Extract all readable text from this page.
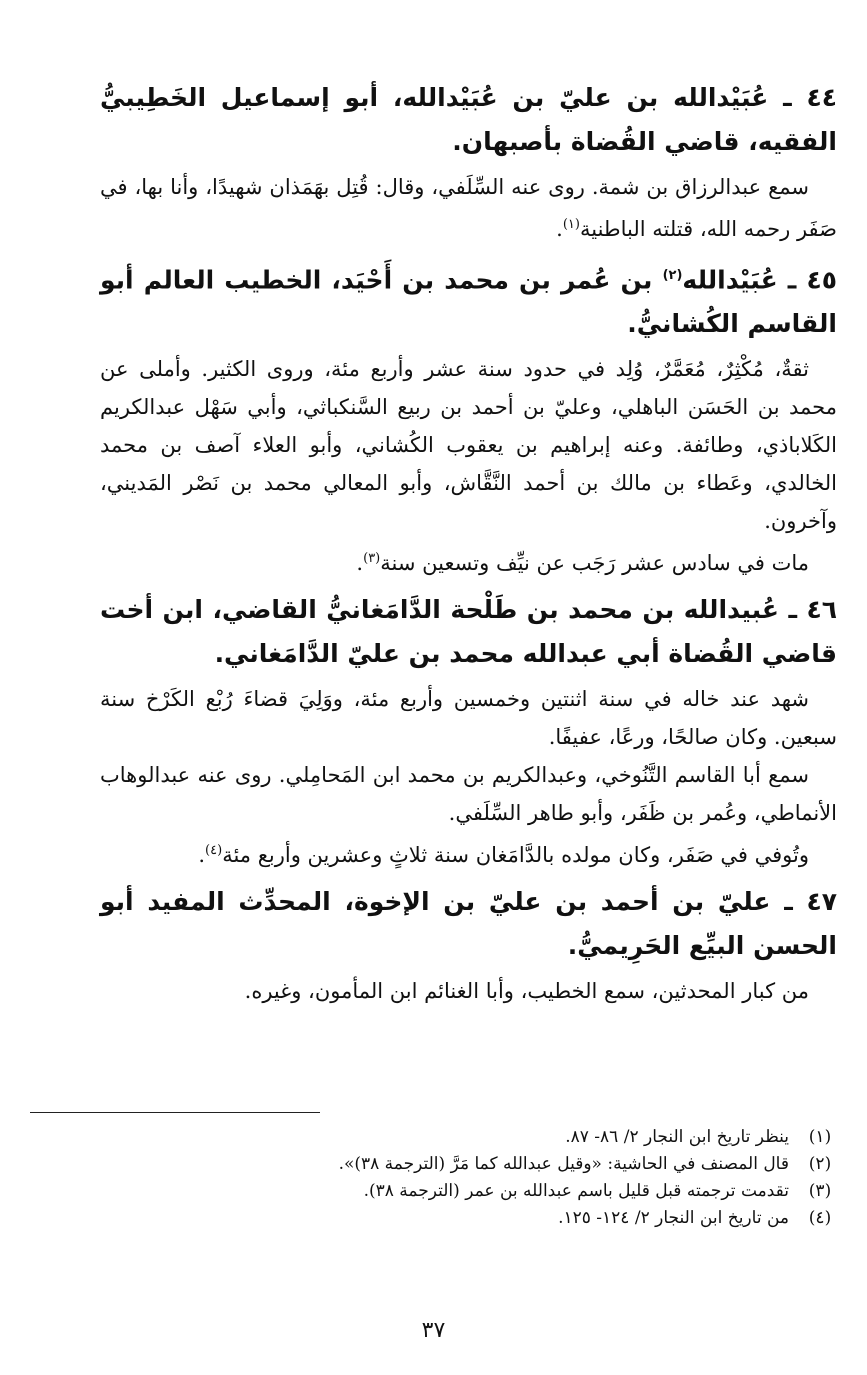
٤٤ ـ عُبَيْدالله بن عليّ بن عُبَيْدالله، أبو إسماعيل الخَطِيبيُّ الفقيه، قاضي القُضاة بأصبهان.

سمع عبدالرزاق بن شمة. روى عنه السِّلَفي، وقال: قُتِل بهَمَذان شهيدًا، وأنا بها، في صَفَر رحمه الله، قتلته الباطنية$^{(١)}$.

٤٥ ـ عُبَيْدالله$^{(٢)}$ بن عُمر بن محمد بن أَحْيَد، الخطيب العالم أبو القاسم الكُشانيُّ.

ثقةٌ، مُكْثِرٌ، مُعَمَّرٌ، وُلِد في حدود سنة عشر وأربع مئة، وروى الكثير. وأملى عن محمد بن الحَسَن الباهلي، وعليّ بن أحمد بن ربيع السَّنكباثي، وأبي سَهْل عبدالكريم الكَلاباذي، وطائفة. وعنه إبراهيم بن يعقوب الكُشاني، وأبو العلاء آصف بن محمد الخالدي، وعَطاء بن مالك بن أحمد النَّقَّاش، وأبو المعالي محمد بن نَصْر المَديني، وآخرون.

مات في سادس عشر رَجَب عن نيِّف وتسعين سنة$^{(٣)}$.

٤٦ ـ عُبيدالله بن محمد بن طَلْحة الدَّامَغانيُّ القاضي، ابن أخت قاضي القُضاة أبي عبدالله محمد بن عليّ الدَّامَغاني.

شهد عند خاله في سنة اثنتين وخمسين وأربع مئة، ووَلِيَ قضاءَ رُبْع الكَرْخ سنة سبعين. وكان صالحًا، ورعًا، عفيفًا.

سمع أبا القاسم التَّنُوخي، وعبدالكريم بن محمد ابن المَحامِلي. روى عنه عبدالوهاب الأنماطي، وعُمر بن ظَفَر، وأبو طاهر السِّلَفي.

وتُوفي في صَفَر، وكان مولده بالدَّامَغان سنة ثلاثٍ وعشرين وأربع مئة$^{(٤)}$.

٤٧ ـ عليّ بن أحمد بن عليّ بن الإخوة، المحدِّث المفيد أبو الحسن البيِّع الحَرِيميُّ.

من كبار المحدثين، سمع الخطيب، وأبا الغنائم ابن المأمون، وغيره.

(١)
ينظر تاريخ ابن النجار ٢/ ٨٦- ٨٧.
(٢)
قال المصنف في الحاشية: «وقيل عبدالله كما مَرَّ (الترجمة ٣٨)».
(٣)
تقدمت ترجمته قبل قليل باسم عبدالله بن عمر (الترجمة ٣٨).
(٤)
من تاريخ ابن النجار ٢/ ١٢٤- ١٢٥.
٣٧
